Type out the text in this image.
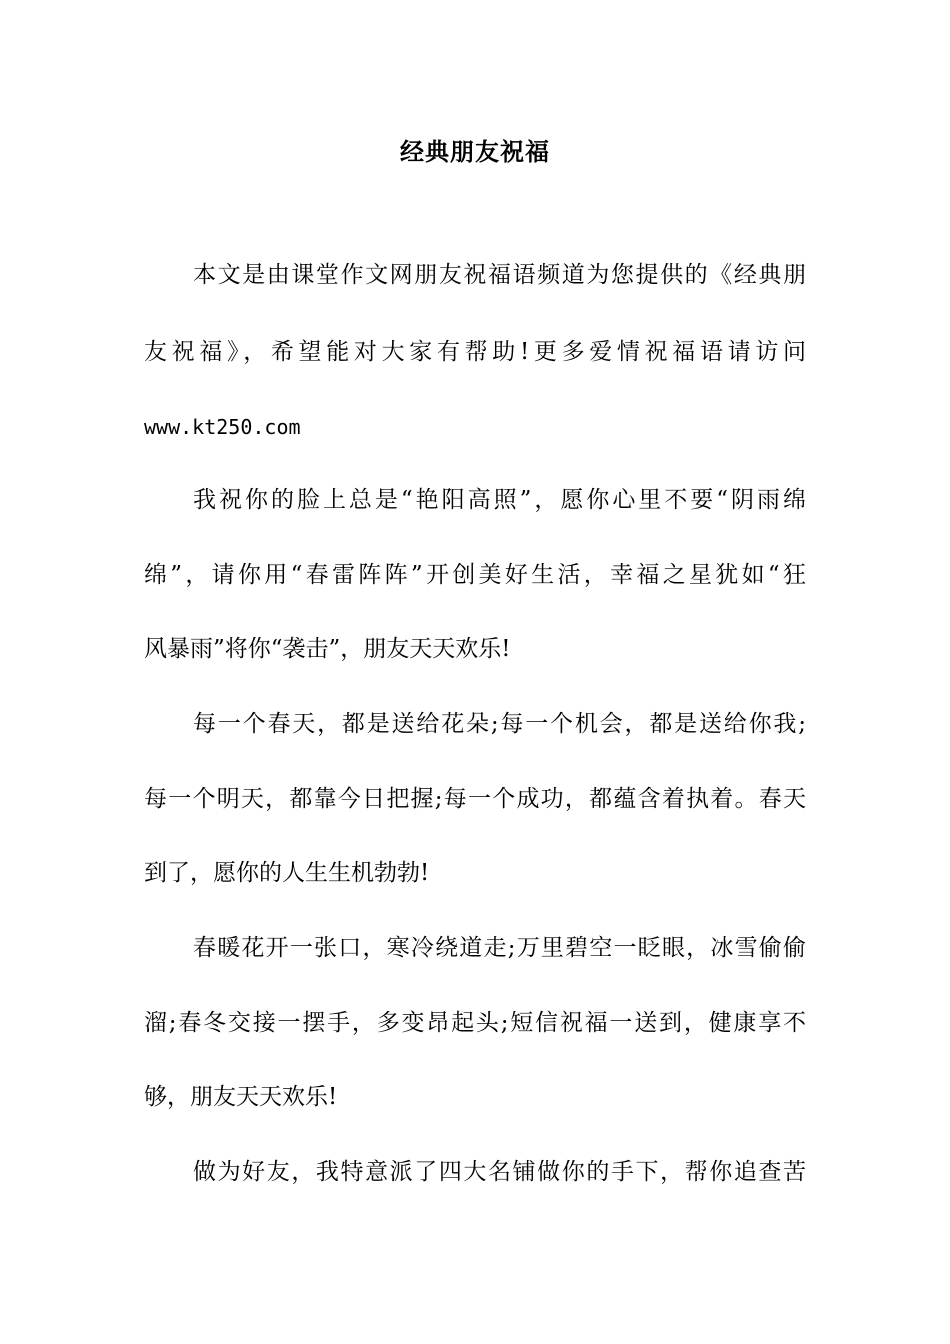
经典朋友祝福
本文是由课堂作文网朋友祝福语频道为您提供的《经典朋
友祝福》，希望能对大家有帮助!更多爱情祝福语请访问
www.kt250.com
我祝你的脸上总是“艳阳高照”，愿你心里不要“阴雨绵
绵”，请你用“春雷阵阵”开创美好生活，幸福之星犹如“狂
风暴雨”将你“袭击”，朋友天天欢乐!
每一个春天，都是送给花朵;每一个机会，都是送给你我;
每一个明天，都靠今日把握;每一个成功，都蕴含着执着。春天
到了，愿你的人生生机勃勃!
春暖花开一张口，寒冷绕道走;万里碧空一眨眼，冰雪偷偷
溜;春冬交接一摆手，多变昂起头;短信祝福一送到，健康享不
够，朋友天天欢乐!
做为好友，我特意派了四大名铺做你的手下，帮你追查苦
